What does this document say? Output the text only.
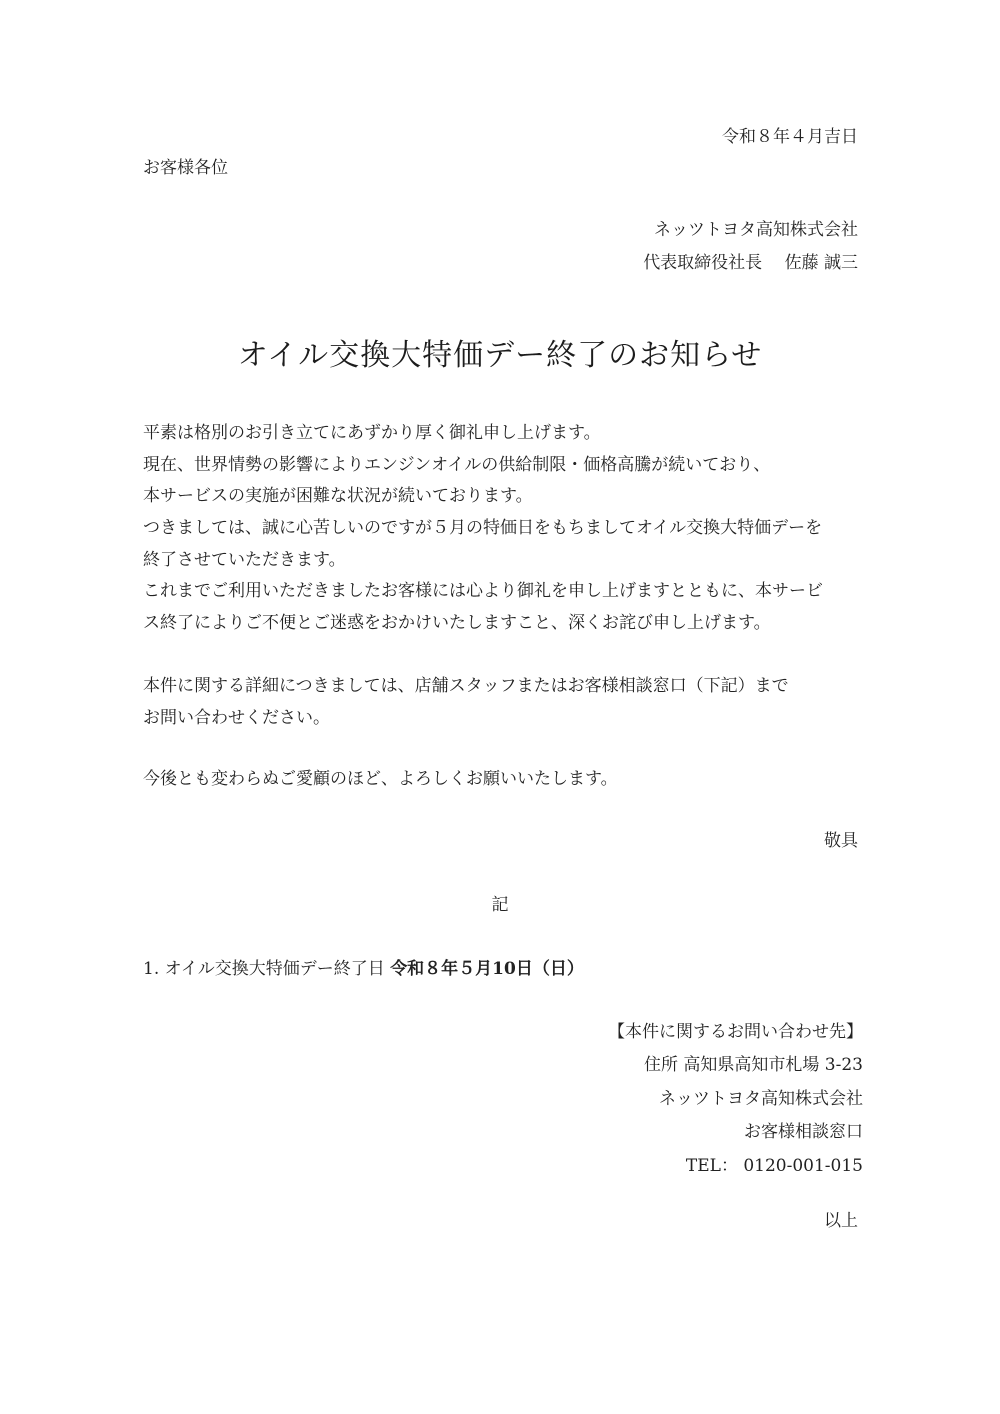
令和８年４月吉日
お客様各位
ネッツトヨタ高知株式会社
代表取締役社長　 佐藤 誠三
オイル交換大特価デー終了のお知らせ
平素は格別のお引き立てにあずかり厚く御礼申し上げます。
現在、世界情勢の影響によりエンジンオイルの供給制限・価格高騰が続いており、
本サービスの実施が困難な状況が続いております。
つきましては、誠に心苦しいのですが５月の特価日をもちましてオイル交換大特価デーを
終了させていただきます。
これまでご利用いただきましたお客様には心より御礼を申し上げますとともに、本サービ
ス終了によりご不便とご迷惑をおかけいたしますこと、深くお詫び申し上げます。
本件に関する詳細につきましては、店舗スタッフまたはお客様相談窓口（下記）まで
お問い合わせください。
今後とも変わらぬご愛顧のほど、よろしくお願いいたします。
敬具
記
1. オイル交換大特価デー終了日 令和８年５月10日（日）
【本件に関するお問い合わせ先】
住所 高知県高知市札場 3-23
ネッツトヨタ高知株式会社
お客様相談窓口
TEL： 0120-001-015
以上
